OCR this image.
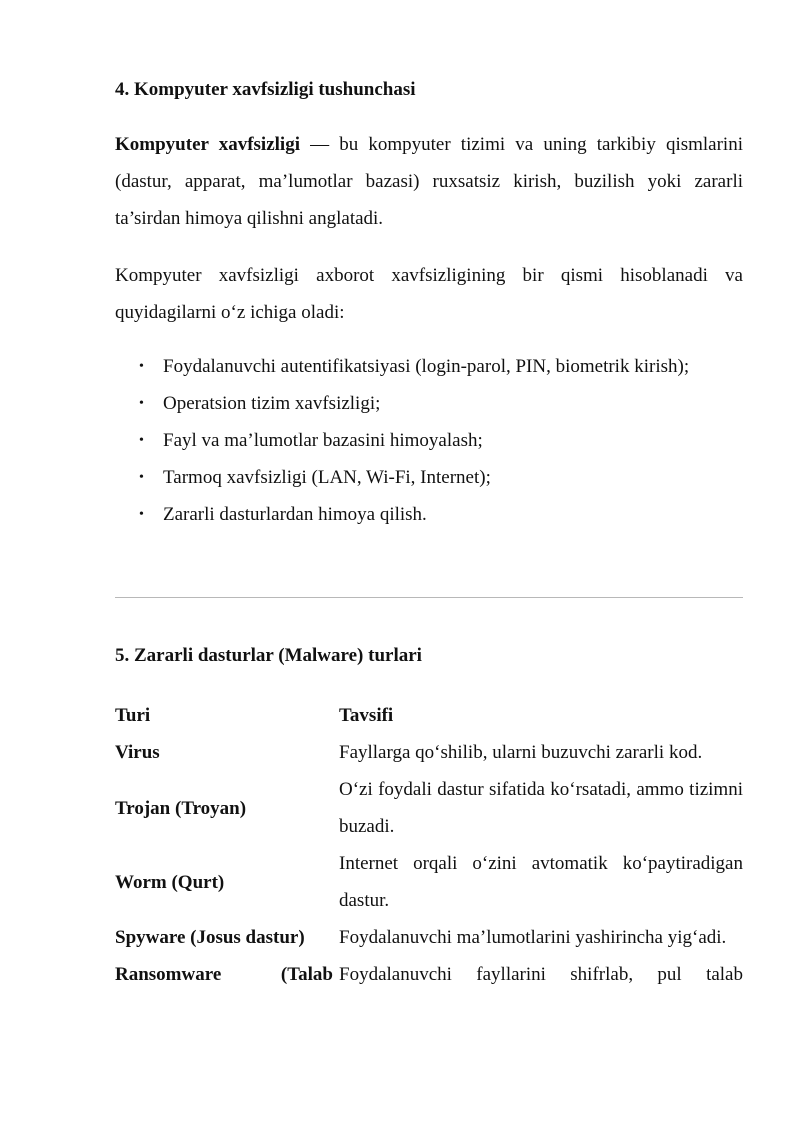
4. Kompyuter xavfsizligi tushunchasi

Kompyuter xavfsizligi — bu kompyuter tizimi va uning tarkibiy qismlarini (dastur, apparat, ma’lumotlar bazasi) ruxsatsiz kirish, buzilish yoki zararli ta’sirdan himoya qilishni anglatadi.

Kompyuter xavfsizligi axborot xavfsizligining bir qismi hisoblanadi va quyidagilarni o‘z ichiga oladi:

• Foydalanuvchi autentifikatsiyasi (login-parol, PIN, biometrik kirish);
• Operatsion tizim xavfsizligi;
• Fayl va ma’lumotlar bazasini himoyalash;
• Tarmoq xavfsizligi (LAN, Wi-Fi, Internet);
• Zararli dasturlardan himoya qilish.
5. Zararli dasturlar (Malware) turlari
Turi	Tavsifi
Virus	Fayllarga qo‘shilib, ularni buzuvchi zararli kod.
Trojan (Troyan)	O‘zi foydali dastur sifatida ko‘rsatadi, ammo tizimni buzadi.
Worm (Qurt)	Internet orqali o‘zini avtomatik ko‘paytiradigan dastur.
Spyware (Josus dastur)	Foydalanuvchi ma’lumotlarini yashirincha yig‘adi.

Ransomware (Talab	Foydalanuvchi fayllarini shifrlab, pul talab
